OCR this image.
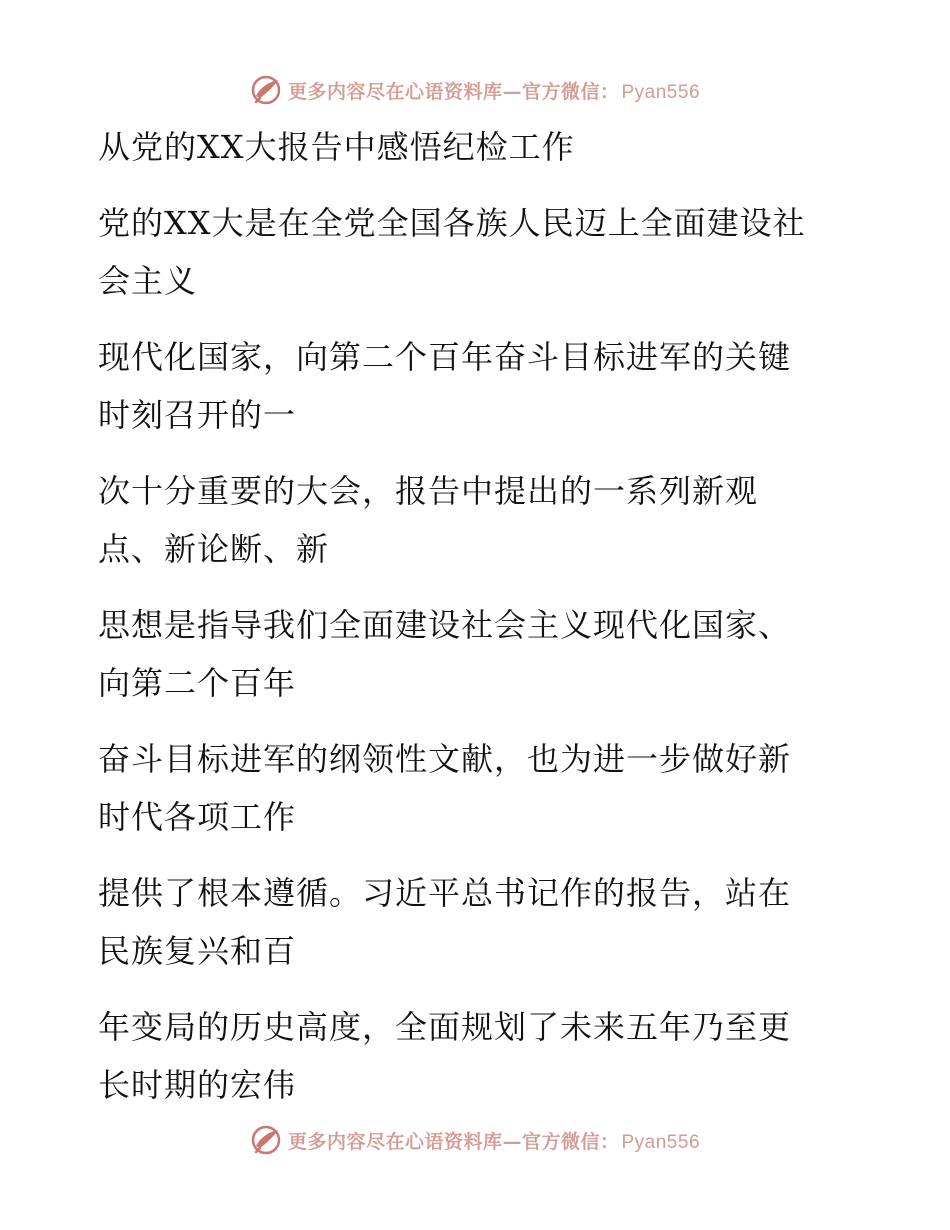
更多内容尽在心语资料库—官方微信： Pyan556
从党的XX大报告中感悟纪检工作
党的XX大是在全党全国各族人民迈上全面建设社
会主义
现代化国家，向第二个百年奋斗目标进军的关键
时刻召开的一
次十分重要的大会，报告中提出的一系列新观
点、新论断、新
思想是指导我们全面建设社会主义现代化国家、
向第二个百年
奋斗目标进军的纲领性文献，也为进一步做好新
时代各项工作
提供了根本遵循。习近平总书记作的报告，站在
民族复兴和百
年变局的历史高度，全面规划了未来五年乃至更
长时期的宏伟
更多内容尽在心语资料库—官方微信： Pyan556
